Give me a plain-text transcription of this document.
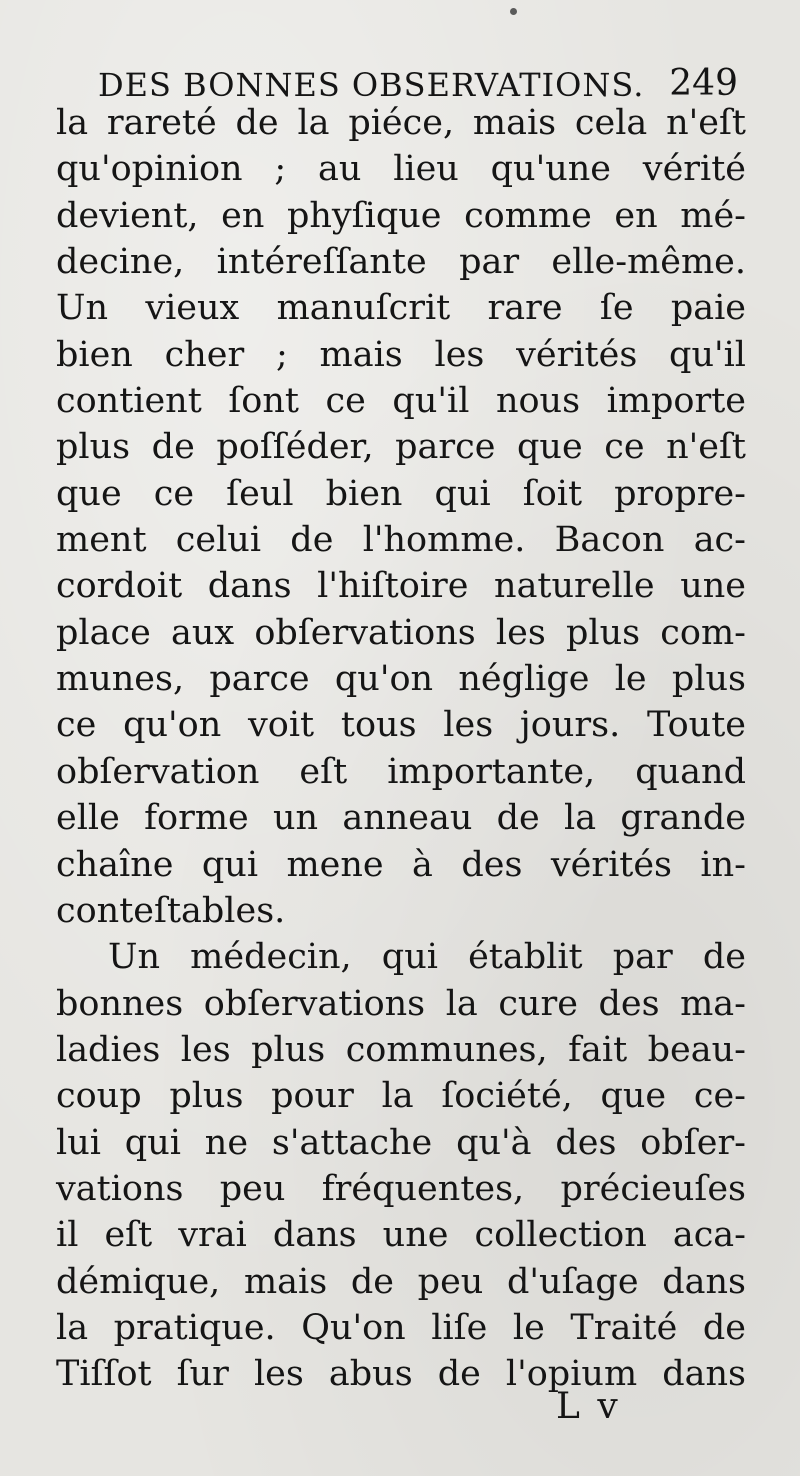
DES BONNES OBSERVATIONS. 249
la rareté de la piéce, mais cela n'eſt
qu'opinion ; au lieu qu'une vérité
devient, en phyſique comme en mé-
decine, intéreſſante par elle-même.
Un vieux manuſcrit rare ſe paie
bien cher ; mais les vérités qu'il
contient ſont ce qu'il nous importe
plus de poſſéder, parce que ce n'eſt
que ce ſeul bien qui ſoit propre-
ment celui de l'homme. Bacon ac-
cordoit dans l'hiſtoire naturelle une
place aux obſervations les plus com-
munes, parce qu'on néglige le plus
ce qu'on voit tous les jours. Toute
obſervation eſt importante, quand
elle forme un anneau de la grande
chaîne qui mene à des vérités in-
conteſtables.
Un médecin, qui établit par de
bonnes obſervations la cure des ma-
ladies les plus communes, fait beau-
coup plus pour la ſociété, que ce-
lui qui ne s'attache qu'à des obſer-
vations peu fréquentes, précieuſes
il eſt vrai dans une collection aca-
démique, mais de peu d'uſage dans
la pratique. Qu'on liſe le Traité de
Tiſſot ſur les abus de l'opium dans
L v
